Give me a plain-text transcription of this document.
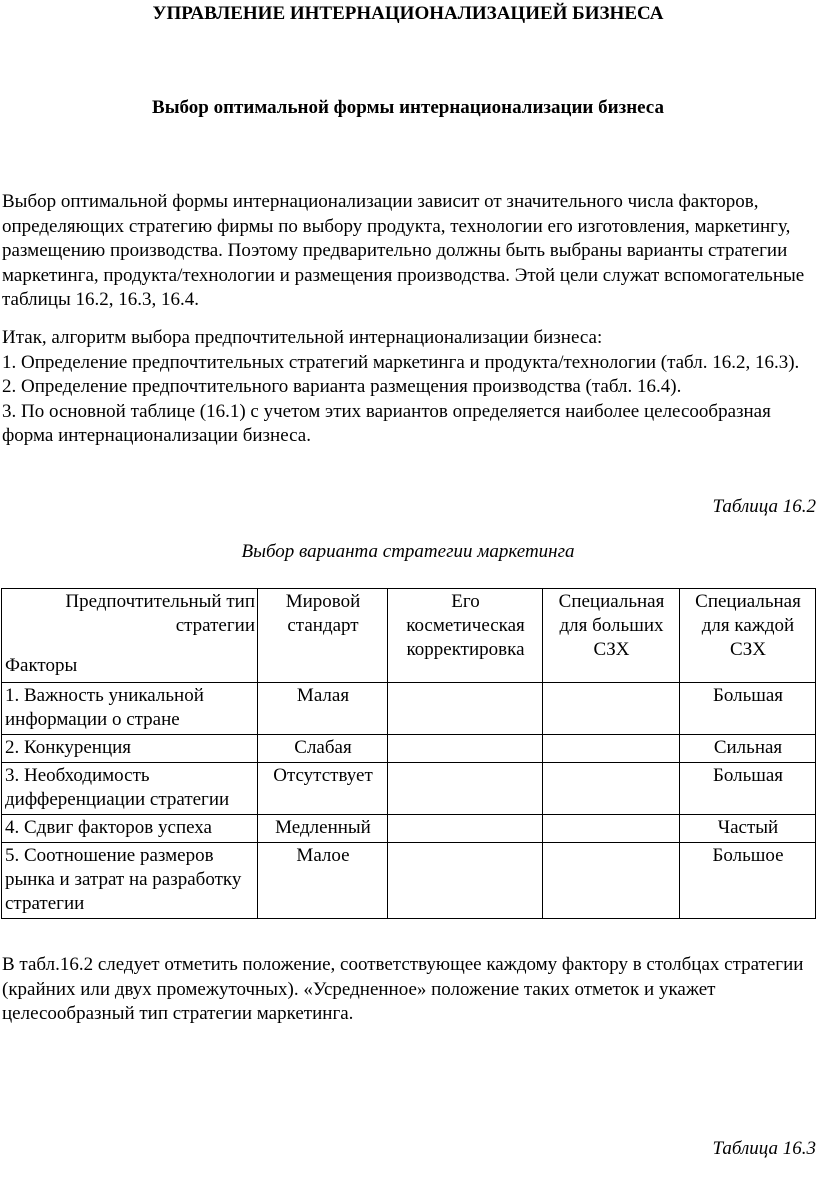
УПРАВЛЕНИЕ ИНТЕРНАЦИОНАЛИЗАЦИЕЙ БИЗНЕСА
Выбор оптимальной формы интернационализации бизнеса

Выбор оптимальной формы интернационализации зависит от значительного числа факторов, определяющих стратегию фирмы по выбору продукта, технологии его изготовления, маркетингу, размещению производства. Поэтому предварительно должны быть выбраны варианты стратегии маркетинга, продукта/технологии и размещения производства. Этой цели служат вспомогательные таблицы 16.2, 16.3, 16.4.

Итак, алгоритм выбора предпочтительной интернационализации бизнеса:

1. Определение предпочтительных стратегий маркетинга и продукта/технологии (табл. 16.2, 16.3).

2. Определение предпочтительного варианта размещения производства (табл. 16.4).

3. По основной таблице (16.1) с учетом этих вариантов определяется наиболее целесообразная форма интернационализации бизнеса.

Таблица 16.2
Выбор варианта стратегии маркетинга
Предпочтительный тип стратегии
Факторы	Мировой стандарт	Его косметическая корректировка	Специальная для больших СЗХ	Специальная для каждой СЗХ
1. Важность уникальной информации о стране	Малая			Большая
2. Конкуренция	Слабая			Сильная
3. Необходимость дифференциации стратегии	Отсутствует			Большая
4. Сдвиг факторов успеха	Медленный			Частый
5. Соотношение размеров рынка и затрат на разработку стратегии	Малое			Большое

В табл.16.2 следует отметить положение, соответствующее каждому фактору в столбцах стратегии (крайних или двух промежуточных). «Усредненное» положение таких отметок и укажет целесообразный тип стратегии маркетинга.

Таблица 16.3
